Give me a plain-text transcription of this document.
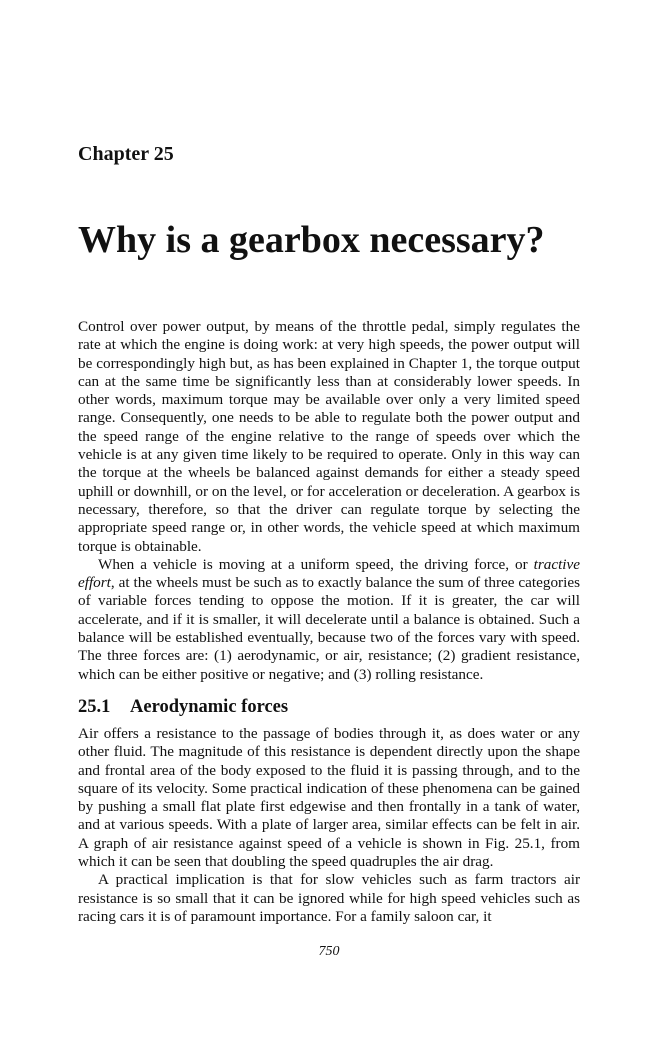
Chapter 25
Why is a gearbox necessary?

Control over power output, by means of the throttle pedal, simply regulates the rate at which the engine is doing work: at very high speeds, the power output will be correspondingly high but, as has been explained in Chapter 1, the torque output can at the same time be significantly less than at considerably lower speeds. In other words, maximum torque may be available over only a very limited speed range. Consequently, one needs to be able to regulate both the power output and the speed range of the engine relative to the range of speeds over which the vehicle is at any given time likely to be required to operate. Only in this way can the torque at the wheels be balanced against demands for either a steady speed uphill or downhill, or on the level, or for acceleration or deceleration. A gearbox is necessary, therefore, so that the driver can regulate torque by selecting the appropriate speed range or, in other words, the vehicle speed at which maximum torque is obtainable.

When a vehicle is moving at a uniform speed, the driving force, or tractive effort, at the wheels must be such as to exactly balance the sum of three categories of variable forces tending to oppose the motion. If it is greater, the car will accelerate, and if it is smaller, it will decelerate until a balance is obtained. Such a balance will be established eventually, because two of the forces vary with speed. The three forces are: (1) aerodynamic, or air, resistance; (2) gradient resistance, which can be either positive or negative; and (3) rolling resistance.

25.1 Aerodynamic forces

Air offers a resistance to the passage of bodies through it, as does water or any other fluid. The magnitude of this resistance is dependent directly upon the shape and frontal area of the body exposed to the fluid it is passing through, and to the square of its velocity. Some practical indication of these phenomena can be gained by pushing a small flat plate first edgewise and then frontally in a tank of water, and at various speeds. With a plate of larger area, similar effects can be felt in air. A graph of air resistance against speed of a vehicle is shown in Fig. 25.1, from which it can be seen that doubling the speed quadruples the air drag.

A practical implication is that for slow vehicles such as farm tractors air resistance is so small that it can be ignored while for high speed vehicles such as racing cars it is of paramount importance. For a family saloon car, it

750
